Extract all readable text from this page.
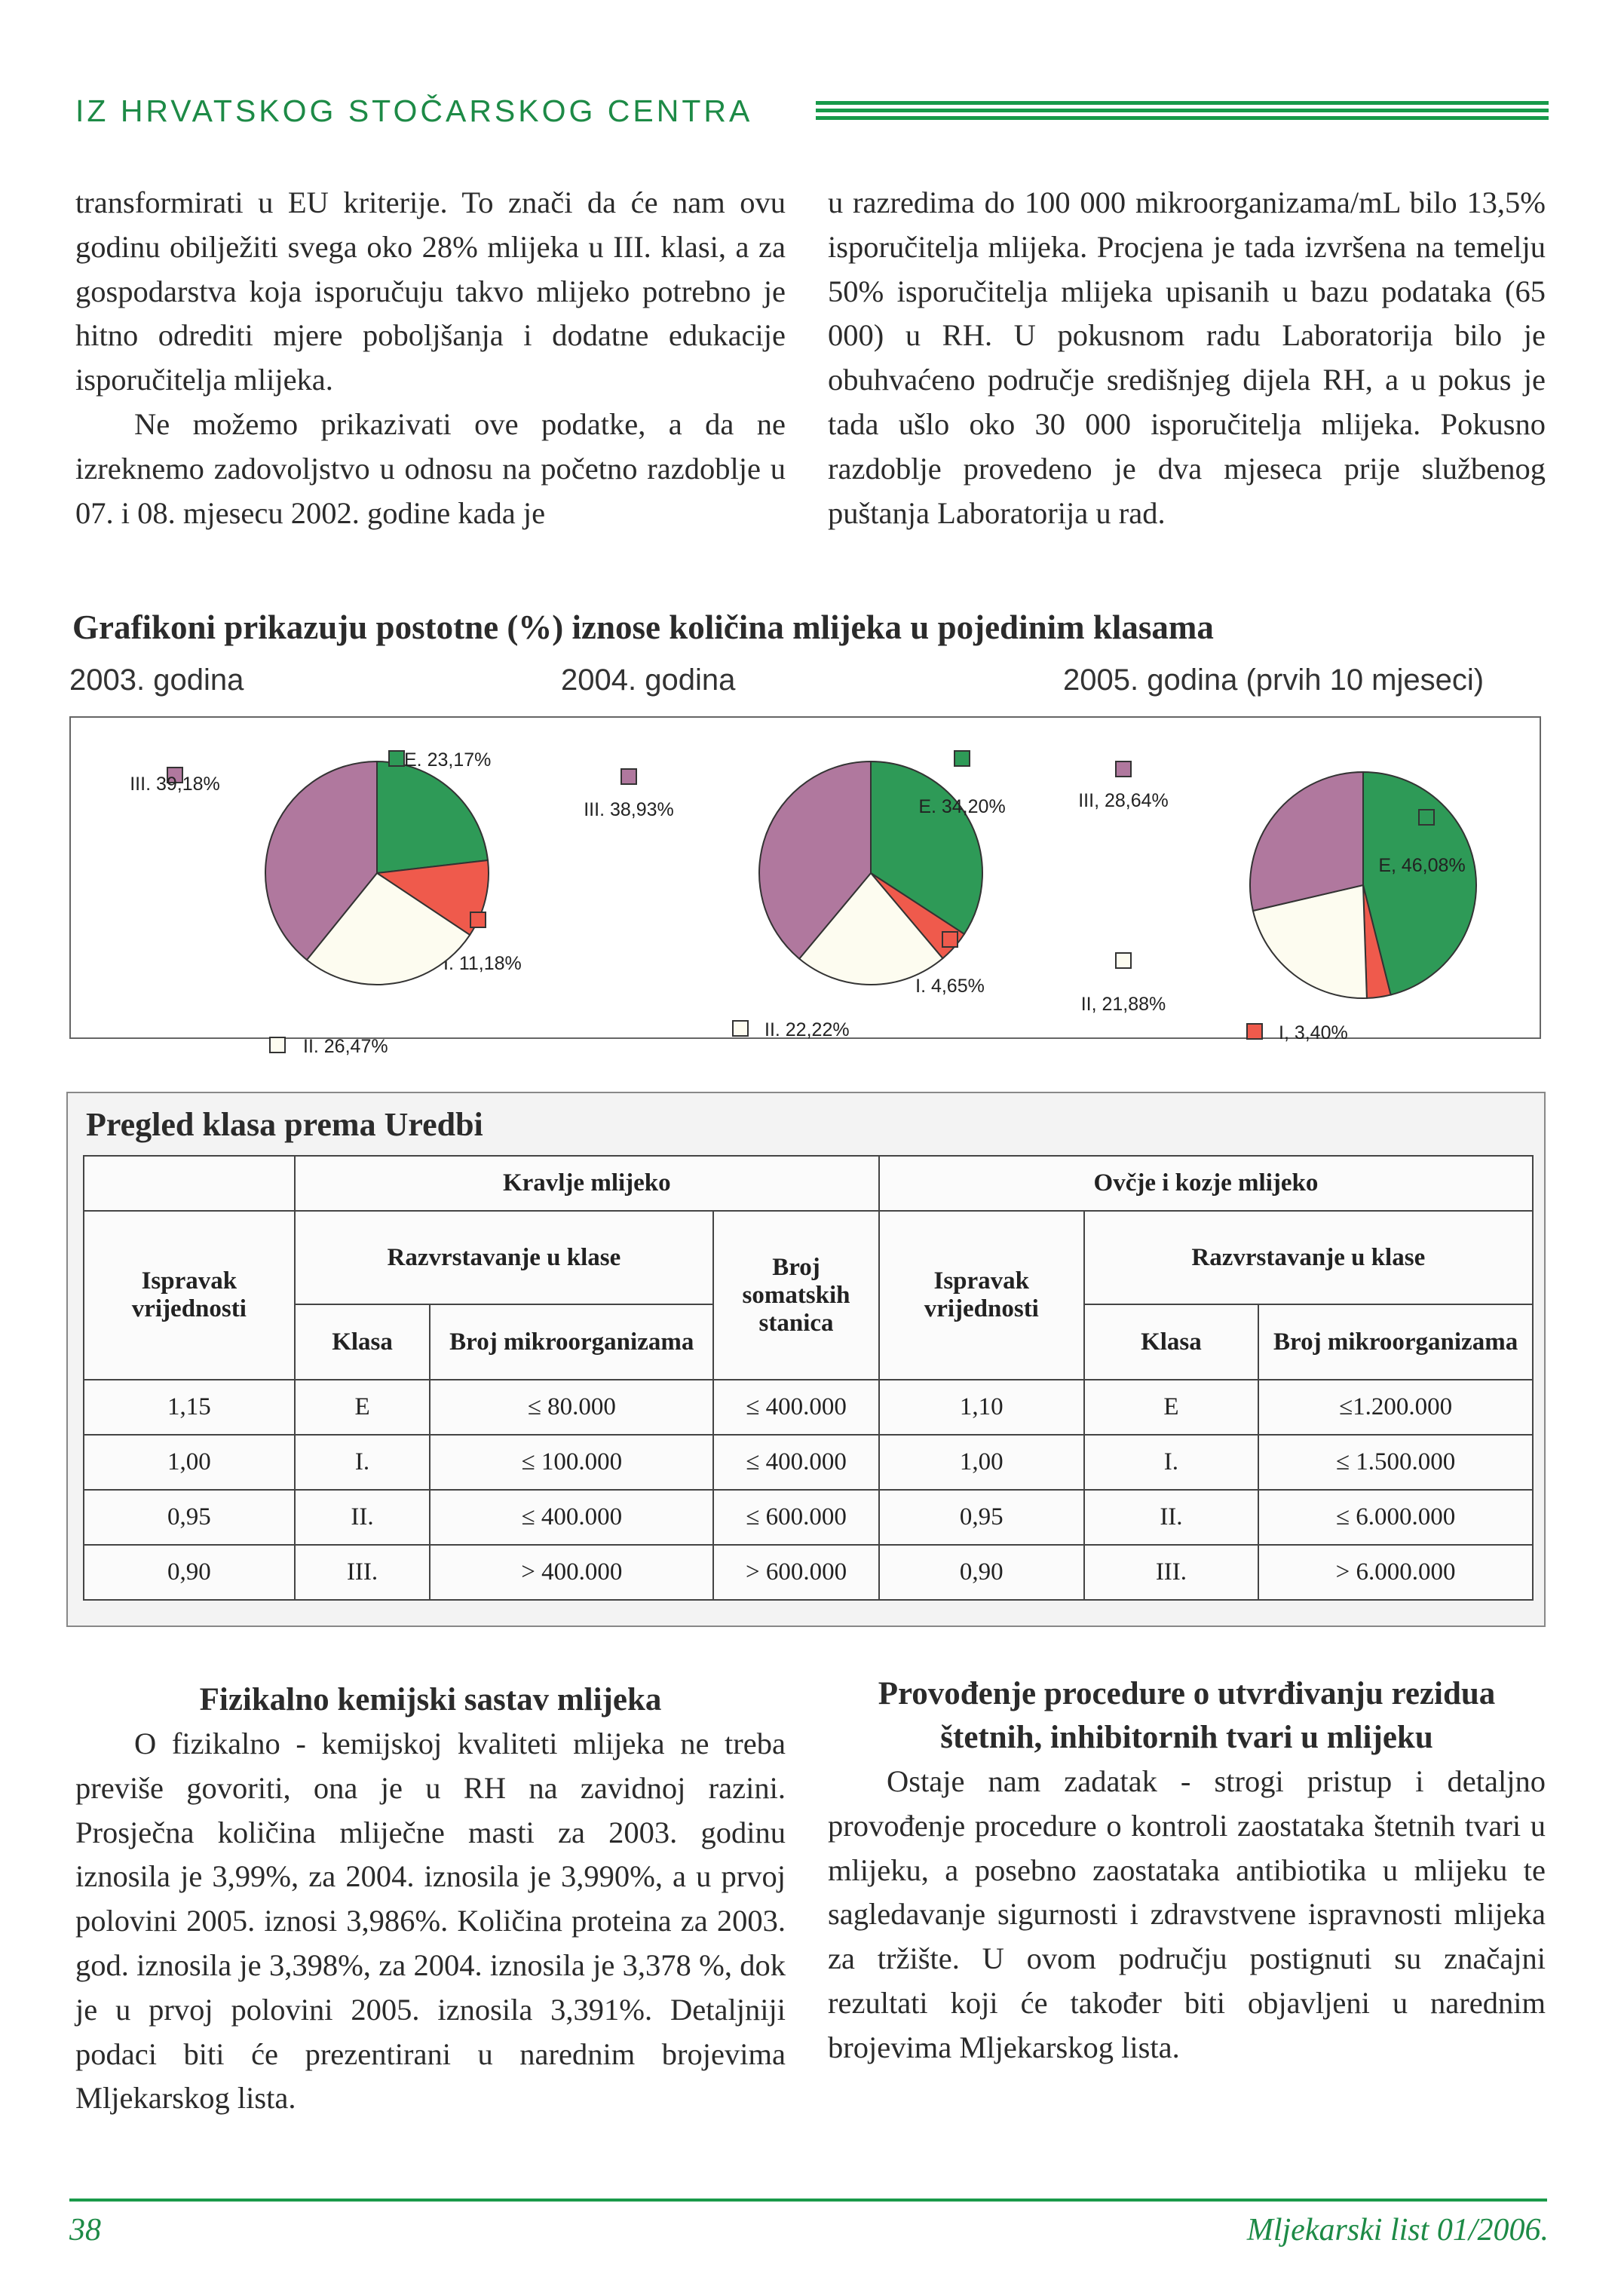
IZ HRVATSKOG STOČARSKOG CENTRA

transformirati u EU kriterije. To znači da će nam ovu godinu obilježiti svega oko 28% mlijeka u III. klasi, a za gospodarstva koja isporučuju takvo mlijeko potrebno je hitno odrediti mjere poboljšanja i dodatne edukacije isporučitelja mlijeka.

Ne možemo prikazivati ove podatke, a da ne izreknemo zadovoljstvo u odnosu na početno razdoblje u 07. i 08. mjesecu 2002. godine kada je

u razredima do 100 000 mikroorganizama/mL bilo 13,5% isporučitelja mlijeka. Procjena je tada izvršena na temelju 50% isporučitelja mlijeka upisanih u bazu podataka (65 000) u RH. U pokusnom radu Laboratorija bilo je obuhvaćeno područje središnjeg dijela RH, a u pokus je tada ušlo oko 30 000 isporučitelja mlijeka. Pokusno razdoblje provedeno je dva mjeseca prije službenog puštanja Laboratorija u rad.

Grafikoni prikazuju postotne (%) iznose količina mlijeka u pojedinim klasama
2003. godina	2004. godina	2005. godina (prvih 10 mjeseci)
E. 23,17%
I. 11,18%
II. 26,47%
III. 39,18%
E. 34,20%
I. 4,65%
II. 22,22%
III. 38,93%
E, 46,08%
I, 3,40%
II, 21,88%
III, 28,64%
Pregled klasa prema Uredbi
	Kravlje mlijeko			Ovčje i kozje mlijeko		
Ispravak vrijednosti	Razvrstavanje u klase		Broj somatskih stanica	Ispravak vrijednosti	Razvrstavanje u klase	
	Klasa	Broj mikroorganizama			Klasa	Broj mikroorganizama
1,15	E	≤ 80.000	≤ 400.000	1,10	E	≤1.200.000
1,00	I.	≤ 100.000	≤ 400.000	1,00	I.	≤ 1.500.000
0,95	II.	≤ 400.000	≤ 600.000	0,95	II.	≤ 6.000.000
0,90	III.	> 400.000	> 600.000	0,90	III.	> 6.000.000
Fizikalno kemijski sastav mlijeka

O fizikalno - kemijskoj kvaliteti mlijeka ne treba previše govoriti, ona je u RH na zavidnoj razini. Prosječna količina mliječne masti za 2003. godinu iznosila je 3,99%, za 2004. iznosila je 3,990%, a u prvoj polovini 2005. iznosi 3,986%. Količina proteina za 2003. god. iznosila je 3,398%, za 2004. iznosila je 3,378 %, dok je u prvoj polovini 2005. iznosila 3,391%. Detaljniji podaci biti će prezentirani u narednim brojevima Mljekarskog lista.

Provođenje procedure o utvrđivanju rezidua štetnih, inhibitornih tvari u mlijeku

Ostaje nam zadatak - strogi pristup i detaljno provođenje procedure o kontroli zaostataka štetnih tvari u mlijeku, a posebno zaostataka antibiotika u mlijeku te sagledavanje sigurnosti i zdravstvene ispravnosti mlijeka za tržište. U ovom području postignuti su značajni rezultati koji će također biti objavljeni u narednim brojevima Mljekarskog lista.

38	Mljekarski list 01/2006.
